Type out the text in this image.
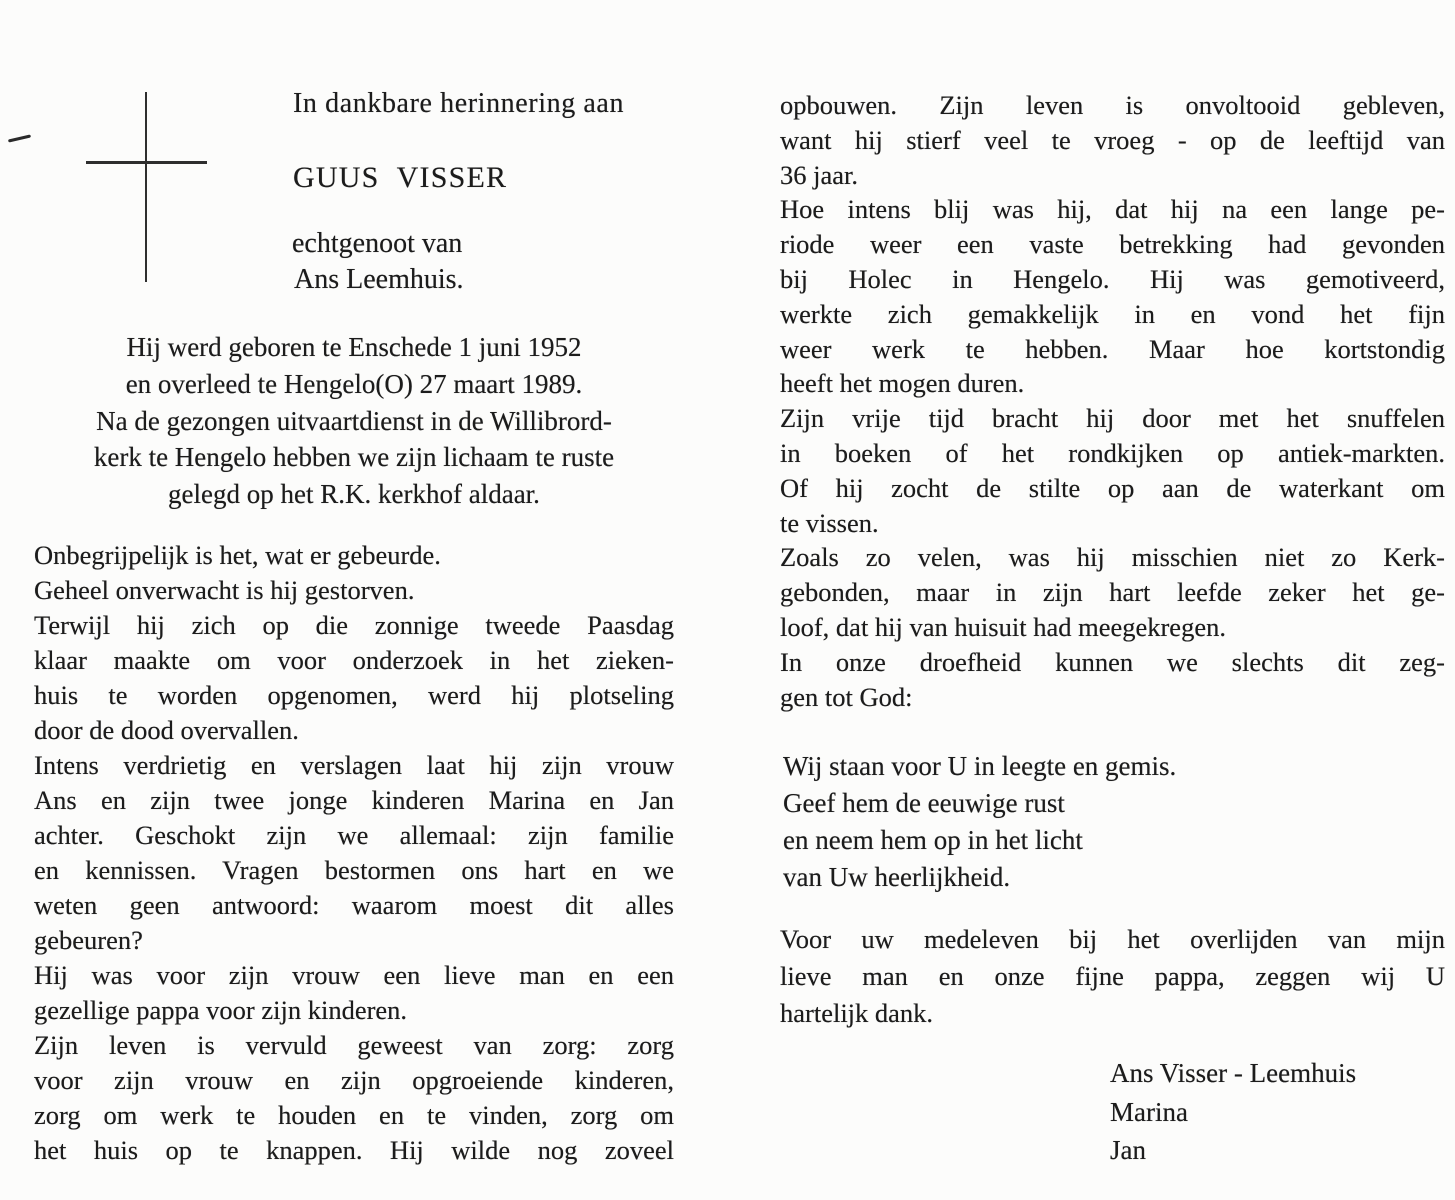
In dankbare herinnering aan
GUUS VISSER
echtgenoot van
Ans Leemhuis.
Hij werd geboren te Enschede 1 juni 1952
en overleed te Hengelo(O) 27 maart 1989.
Na de gezongen uitvaartdienst in de Willibrord-
kerk te Hengelo hebben we zijn lichaam te ruste
gelegd op het R.K. kerkhof aldaar.
Onbegrijpelijk is het, wat er gebeurde.
Geheel onverwacht is hij gestorven.
Terwijl hij zich op die zonnige tweede Paasdag
klaar maakte om voor onderzoek in het zieken-
huis te worden opgenomen, werd hij plotseling
door de dood overvallen.
Intens verdrietig en verslagen laat hij zijn vrouw
Ans en zijn twee jonge kinderen Marina en Jan
achter. Geschokt zijn we allemaal: zijn familie
en kennissen. Vragen bestormen ons hart en we
weten geen antwoord: waarom moest dit alles
gebeuren?
Hij was voor zijn vrouw een lieve man en een
gezellige pappa voor zijn kinderen.
Zijn leven is vervuld geweest van zorg: zorg
voor zijn vrouw en zijn opgroeiende kinderen,
zorg om werk te houden en te vinden, zorg om
het huis op te knappen. Hij wilde nog zoveel
opbouwen. Zijn leven is onvoltooid gebleven,
want hij stierf veel te vroeg - op de leeftijd van
36 jaar.
Hoe intens blij was hij, dat hij na een lange pe-
riode weer een vaste betrekking had gevonden
bij Holec in Hengelo. Hij was gemotiveerd,
werkte zich gemakkelijk in en vond het fijn
weer werk te hebben. Maar hoe kortstondig
heeft het mogen duren.
Zijn vrije tijd bracht hij door met het snuffelen
in boeken of het rondkijken op antiek-markten.
Of hij zocht de stilte op aan de waterkant om
te vissen.
Zoals zo velen, was hij misschien niet zo Kerk-
gebonden, maar in zijn hart leefde zeker het ge-
loof, dat hij van huisuit had meegekregen.
In onze droefheid kunnen we slechts dit zeg-
gen tot God:
Wij staan voor U in leegte en gemis.
Geef hem de eeuwige rust
en neem hem op in het licht
van Uw heerlijkheid.
Voor uw medeleven bij het overlijden van mijn
lieve man en onze fijne pappa, zeggen wij U
hartelijk dank.
Ans Visser - Leemhuis
Marina
Jan
